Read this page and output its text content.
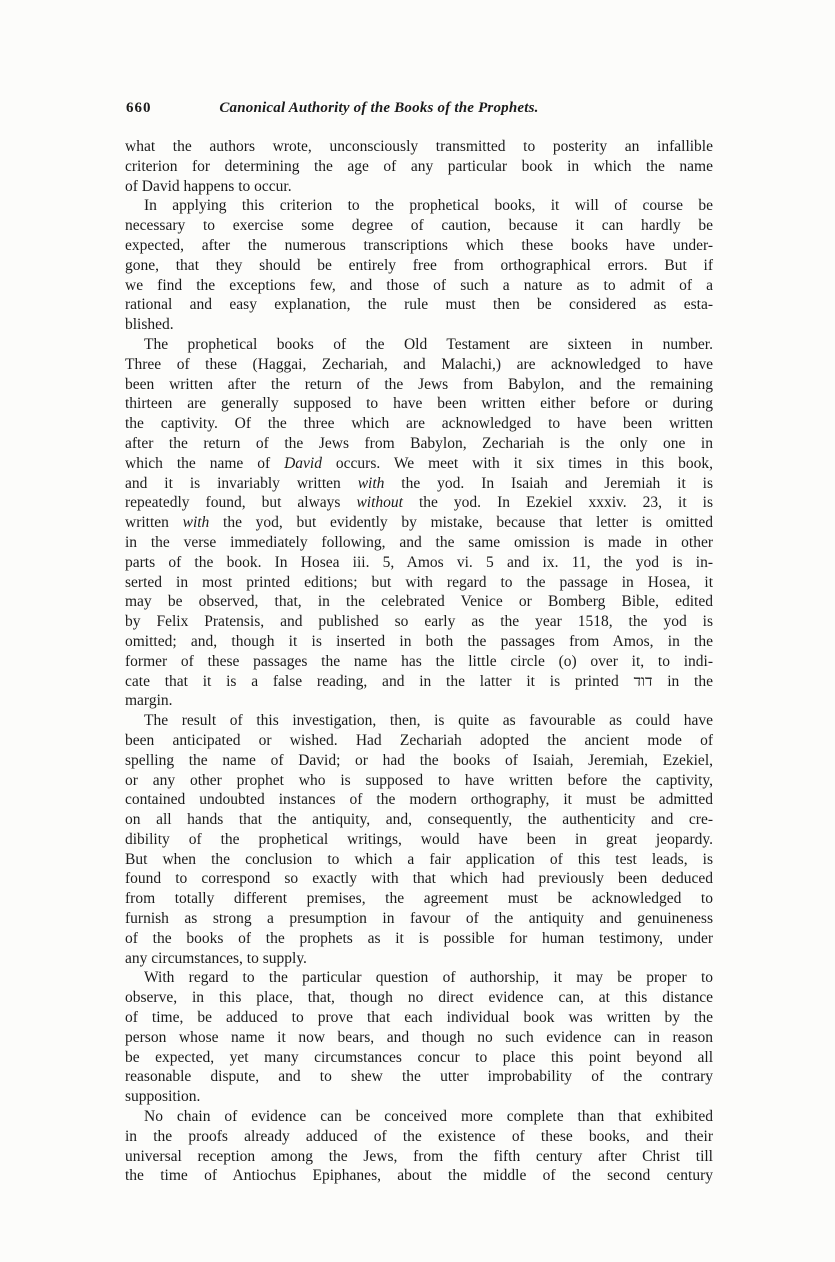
660	Canonical Authority of the Books of the Prophets.
what the authors wrote, unconsciously transmitted to posterity an infallible
criterion for determining the age of any particular book in which the name
of David happens to occur.
In applying this criterion to the prophetical books, it will of course be
necessary to exercise some degree of caution, because it can hardly be
expected, after the numerous transcriptions which these books have under-
gone, that they should be entirely free from orthographical errors. But if
we find the exceptions few, and those of such a nature as to admit of a
rational and easy explanation, the rule must then be considered as esta-
blished.
The prophetical books of the Old Testament are sixteen in number.
Three of these (Haggai, Zechariah, and Malachi,) are acknowledged to have
been written after the return of the Jews from Babylon, and the remaining
thirteen are generally supposed to have been written either before or during
the captivity. Of the three which are acknowledged to have been written
after the return of the Jews from Babylon, Zechariah is the only one in
which the name of David occurs. We meet with it six times in this book,
and it is invariably written with the yod. In Isaiah and Jeremiah it is
repeatedly found, but always without the yod. In Ezekiel xxxiv. 23, it is
written with the yod, but evidently by mistake, because that letter is omitted
in the verse immediately following, and the same omission is made in other
parts of the book. In Hosea iii. 5, Amos vi. 5 and ix. 11, the yod is in-
serted in most printed editions; but with regard to the passage in Hosea, it
may be observed, that, in the celebrated Venice or Bomberg Bible, edited
by Felix Pratensis, and published so early as the year 1518, the yod is
omitted; and, though it is inserted in both the passages from Amos, in the
former of these passages the name has the little circle (o) over it, to indi-
cate that it is a false reading, and in the latter it is printed דוד in the
margin.
The result of this investigation, then, is quite as favourable as could have
been anticipated or wished. Had Zechariah adopted the ancient mode of
spelling the name of David; or had the books of Isaiah, Jeremiah, Ezekiel,
or any other prophet who is supposed to have written before the captivity,
contained undoubted instances of the modern orthography, it must be admitted
on all hands that the antiquity, and, consequently, the authenticity and cre-
dibility of the prophetical writings, would have been in great jeopardy.
But when the conclusion to which a fair application of this test leads, is
found to correspond so exactly with that which had previously been deduced
from totally different premises, the agreement must be acknowledged to
furnish as strong a presumption in favour of the antiquity and genuineness
of the books of the prophets as it is possible for human testimony, under
any circumstances, to supply.
With regard to the particular question of authorship, it may be proper to
observe, in this place, that, though no direct evidence can, at this distance
of time, be adduced to prove that each individual book was written by the
person whose name it now bears, and though no such evidence can in reason
be expected, yet many circumstances concur to place this point beyond all
reasonable dispute, and to shew the utter improbability of the contrary
supposition.
No chain of evidence can be conceived more complete than that exhibited
in the proofs already adduced of the existence of these books, and their
universal reception among the Jews, from the fifth century after Christ till
the time of Antiochus Epiphanes, about the middle of the second century
